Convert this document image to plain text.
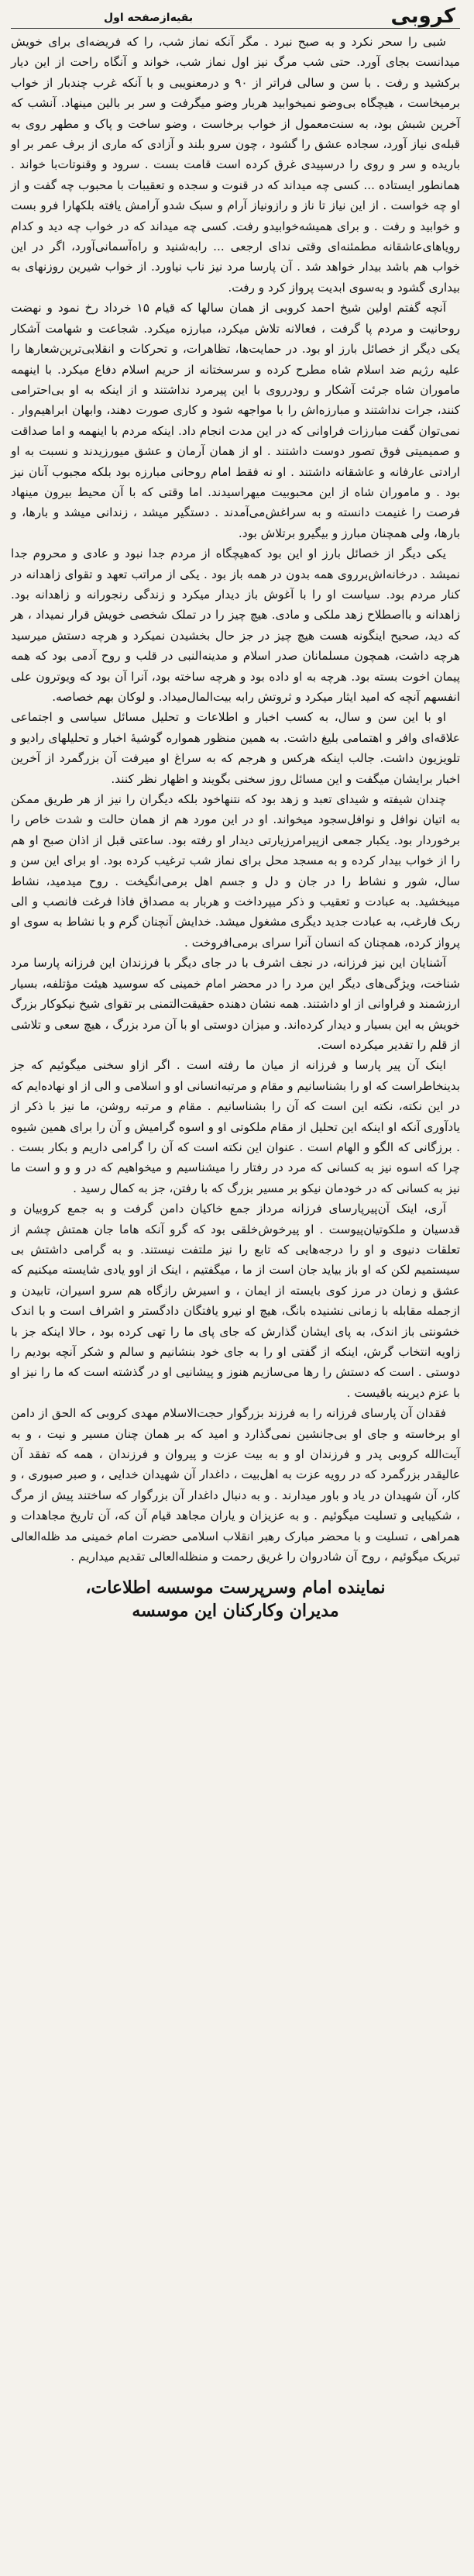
کروبی
بقیه‌ازصفحه اول

شبی را سحر نکرد و به صبح نبرد . مگر آنکه نماز شب، را که فریضه‌ای برای خویش میدانست بجای آورد. حتی شب مرگ نیز اول نماز شب، خواند و آنگاه راحت از این دیار برکشید و رفت . با سن و سالی فراتر از ۹۰ و درمعنویبی و با آنکه غرب چندبار از خواب برمیخاست ، هیچگاه بی‌وضو نمیخوابید هربار وضو میگرفت و سر بر بالین مینهاد. آنشب که آخرین شبش بود، به سنت‌معمول از خواب برخاست ، وضو ساخت و پاک و مطهر روی به قبله‌ی نیاز آورد، سجاده عشق را گشود ، چون سرو بلند و آزادی که ماری از برف عمر بر او باریده و سر و روی را درسپیدی غرق کرده است قامت بست . سرود و وقنوتات‌با خواند . همانطور ایستاده ... کسی چه میداند که در قنوت و سجده و تعقیبات با محبوب چه گفت و از او چه خواست . از این نیاز تا ناز و رازونیاز آرام و سبک شدو آرامش یافته بلکهارا فرو بست و خوابید و رفت . و برای همیشه‌خوابیدو رفت. کسی چه میداند که در خواب چه دید و کدام رویاهای‌عاشقانه مطمئنه‌ای وقتی ندای ارجعی ... رابه‌شنید و راه‌آسمانی‌آورد، اگر در این خواب هم باشد بیدار خواهد شد . آن پارسا مرد نیز ناب نیاورد. از خواب شیرین روزنهای به بیداری گشود و به‌سوی ابدیت پرواز کرد و رفت.

آنچه گفتم اولین شیخ احمد کروبی از همان سالها که قیام ۱۵ خرداد رخ نمود و نهضت روحانیت و مردم پا گرفت ، فعالانه تلاش میکرد، مبارزه میکرد. شجاعت و شهامت آشکار یکی دیگر از خصائل بارز او بود. در حمایت‌ها، تظاهرات، و تحرکات و انقلابی‌ترین‌شعارها را علیه رژیم ضد اسلام شاه مطرح کرده و سرسختانه از حریم اسلام دفاع میکرد. با اینهمه ماموران شاه جرئت آشکار و رودرروی با این پیرمرد نداشتند و از اینکه به او بی‌احترامی کنند، جرات نداشتند و مبارزه‌اش را با مواجهه شود و کاری صورت دهند، وابهان ابراهیم‌وار . نمی‌توان گفت مبارزات فراوانی که در این مدت انجام داد. اینکه مردم با اینهمه و اما صداقت و صمیمیتی فوق تصور دوست داشتند . او از همان آرمان و عشق میورزیدند و نسبت به او ارادتی عارفانه و عاشقانه داشتند . او نه فقط امام روحانی مبارزه بود بلکه مجبوب آنان نیز بود . و ماموران شاه از این محبوبیت میهراسیدند. اما وقتی که با آن محیط بیرون مینهاد فرصت را غنیمت دانسته و به سراغش‌می‌آمدند . دستگیر میشد ، زندانی میشد و بارها، و بارها، ولی همچنان مبارز و بیگیرو برتلاش بود.

یکی دیگر از خصائل بارز او این بود که‌هیچگاه از مردم جدا نبود و عادی و محروم جدا نمیشد . درخانه‌اش‌برروی همه بدون در همه باز بود . یکی از مراتب تعهد و تقوای زاهدانه در کنار مردم بود. سیاست او را با آغوش باز دیدار میکرد و زندگی رنجورانه و زاهدانه بود. زاهدانه و بااصطلاح زهد ملکی و مادی. هیچ چیز را در تملک شخصی خویش قرار نمیداد ، هر که دید، صحیح اینگونه هست هیچ چیز در جز حال بخشیدن نمیکرد و هرچه دستش میرسید هرچه داشت، همچون مسلمانان صدر اسلام و مدینه‌النبی در قلب و روح آدمی بود که همه پیمان اخوت بسته بود. هرچه به او داده بود و هرچه ساخته بود، آنرا آن بود که ویوترون علی انفسهم آنچه که امید ایثار میکرد و ثروتش رابه بیت‌المال‌میداد. و لوکان بهم خصاصه.

او با این سن و سال، به کسب اخبار و اطلاعات و تحلیل مسائل سیاسی و اجتماعی علاقه‌ای وافر و اهتمامی بلیغ داشت. به همین منظور همواره گوشیهٔ اخبار و تحلیلهای رادیو و تلویزیون داشت. جالب اینکه هرکس و هرجم که به سراغ او میرفت آن بزرگمرد از آخرین اخبار برایشان میگفت و این مسائل روز سخنی بگویند و اظهار نظر کنند.

چندان شیفته و شیدای تعبد و زهد بود که نتنهاخود بلکه دیگران را نیز از هر طریق ممکن به اتیان نوافل و نوافل‌سجود میخواند. او در این مورد هم از همان حالت و شدت خاص را برخوردار بود. یکبار جمعی ازپیرامرزیارتی دیدار او رفته بود. ساعتی قبل از اذان صبح او هم را از خواب بیدار کرده و به مسجد محل برای نماز شب ترغیب کرده بود. او برای این سن و سال، شور و نشاط را در جان و دل و جسم اهل برمی‌انگیخت . روح میدمید، نشاط میبخشید. به عبادت و تعقیب و ذکر میپرداخت و هربار به مصداق فاذا فرغت فانصب و الی ربک فارغب، به عبادت جدید دیگری مشغول میشد. خدایش آنچنان گرم و با نشاط به سوی او پرواز کرده، همچنان که انسان آنرا سرای برمی‌افروخت .

آشنایان این نیز فرزانه، در نجف اشرف با در جای دیگر با فرزندان این فرزانه پارسا مرد شناخت، ویژگی‌های دیگر این مرد را در محضر امام خمینی که سوسید هیئت مؤتلفه، بسیار ارزشمند و فراوانی از او داشتند. همه نشان دهنده حقیقت‌التمنی بر تقوای شیخ نیکوکار بزرگ خویش به این بسیار و دیدار کرده‌اند. و میزان دوستی او با آن مرد بزرگ ، هیچ سعی و تلاشی از قلم را تقدیر میکرده است.

اینک آن پیر پارسا و فرزانه از میان ما رفته است . اگر ازاو سخنی میگوئیم که جز بدینخاطراست که او را بشناسانیم و مقام و مرتبه‌انسانی او و اسلامی و الی از او نهاده‌ایم که در این نکته، نکته این است که آن را بشناسانیم . مقام و مرتبه روشن، ما نیز با ذکر از یادآوری آنکه او اینکه این تحلیل از مقام ملکوتی او و اسوه گرامیش و آن را برای همین شیوه . برزگانی که الگو و الهام است . عنوان این نکته است که آن را گرامی داریم و بکار بست . چرا که اسوه نیز به کسانی که مرد در رفتار را میشناسیم و میخواهیم که در و و و است ما نیز به کسانی که در خودمان نیکو بر مسیر بزرگ که با رفتن، جز به کمال رسید .

آری، اینک آن‌پیرپارسای فرزانه مرداز جمع خاکیان دامن گرفت و به جمع کروبیان و قدسیان و ملکوتیان‌پیوست . او پیرخوش‌خلقی بود که گرو آنکه هاما جان همتش چشم از تعلقات دنیوی و او را درجه‌هایی که تابع را نیز ملتفت نیستند. و به گرامی داشتش بی سیستمیم لکن که او باز بیاید جان است از ما ، میگفتیم ، اینک از اوو یادی شایسته میکنیم که عشق و زمان در مرز کوی بایسته از ایمان ، و اسیرش رازگاه هم سرو اسیران، تابیدن و ازجمله مقابله با زمانی نشنیده بانگ، هیچ او نیرو یافتگان دادگستر و اشراف است و با اندک خشونتی باز اندک، به پای ایشان گذارش که جای پای ما را تهی کرده بود ، حالا اینکه جز با زاویه انتخاب گرش، اینکه از گفتی او را به جای خود بنشانیم و سالم و شکر آنچه بودیم را دوستی . است که دستش را رها می‌سازیم هنوز و پیشانیی او در گذشته است که ما را نیز او با عزم دیرینه باقیست .

فقدان آن پارسای فرزانه را به فرزند بزرگوار حجت‌الاسلام مهدی کروبی که الحق از دامن او برخاسته و جای او بی‌جانشین نمی‌گذارد و امید که بر همان چنان مسیر و نیت ، و به آیت‌الله کروبی پدر و فرزندان او و به بیت عزت و پیروان و فرزندان ، همه که تفقد آن عالیقدر بزرگمرد که در رویه عزت به اهل‌بیت ، داغدار آن شهیدان خدایی ، و صبر صبوری ، و کار، آن شهیدان در یاد و باور میدارند . و به دنبال داغدار آن بزرگوار که ساختند پیش از مرگ ، شکیبایی و تسلیت میگوئیم . و به عزیزان و یاران مجاهد قیام آن که، آن تاریخ مجاهدات و همراهی ، تسلیت و با محضر مبارک رهبر انقلاب اسلامی حضرت امام خمینی مد ظله‌العالی تبریک میگوئیم ، روح آن شادروان را غریق رحمت و منظله‌العالی تقدیم میداریم .

نماینده امام وسرپرست موسسه اطلاعات،
مدیران وکارکنان این موسسه
